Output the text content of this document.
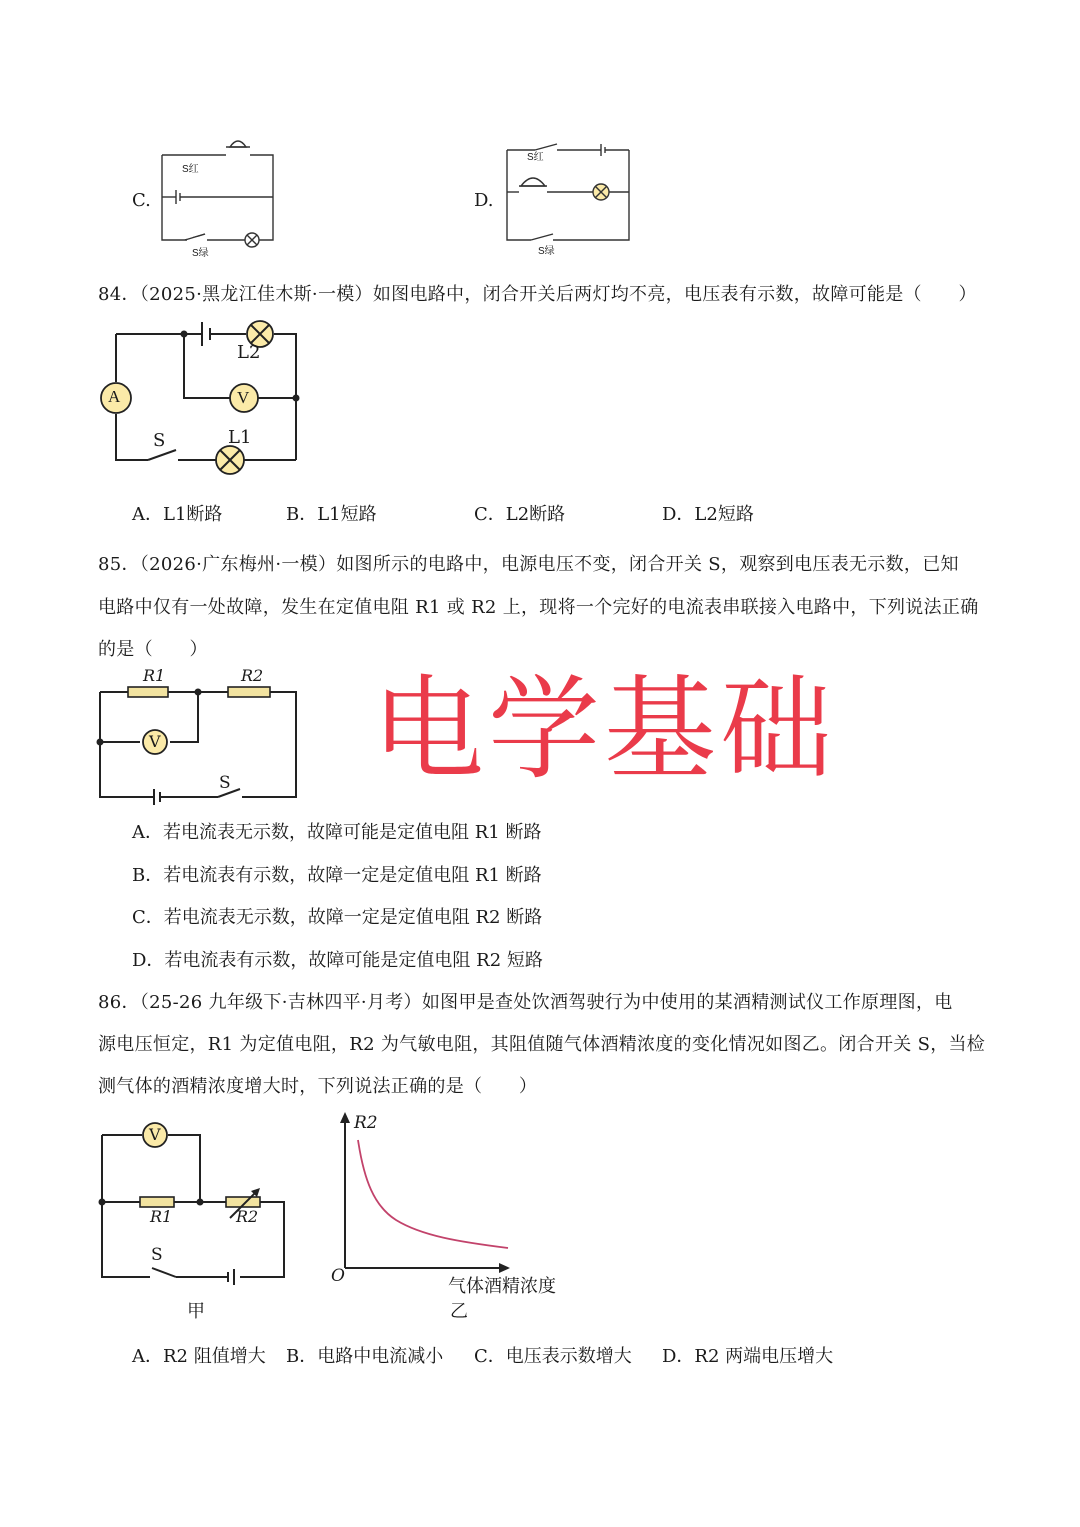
C.
S红
S绿
D.
S红
S绿
84．（2025·黑龙江佳木斯·一模）如图电路中，闭合开关后两灯均不亮，电压表有示数，故障可能是（　　）
A	V
L2
L1
S
A．L1断路	B．L1短路	C．L2断路	D．L2短路
85．（2026·广东梅州·一模）如图所示的电路中，电源电压不变，闭合开关 S，观察到电压表无示数，已知
电路中仅有一处故障，发生在定值电阻 R1 或 R2 上，现将一个完好的电流表串联接入电路中，下列说法正确
的是（　　）
R1	R2
V
S 电学基础
A．若电流表无示数，故障可能是定值电阻 R1 断路
B．若电流表有示数，故障一定是定值电阻 R1 断路
C．若电流表无示数，故障一定是定值电阻 R2 断路
D．若电流表有示数，故障可能是定值电阻 R2 短路
86．（25-26 九年级下·吉林四平·月考）如图甲是查处饮酒驾驶行为中使用的某酒精测试仪工作原理图，电
源电压恒定，R1 为定值电阻，R2 为气敏电阻，其阻值随气体酒精浓度的变化情况如图乙。闭合开关 S，当检
测气体的酒精浓度增大时，下列说法正确的是（　　）
V
R1	R2
S
甲
R2
O	气体酒精浓度
乙
A．R2 阻值增大 B．电路中电流减小 C．电压表示数增大 D．R2 两端电压增大
